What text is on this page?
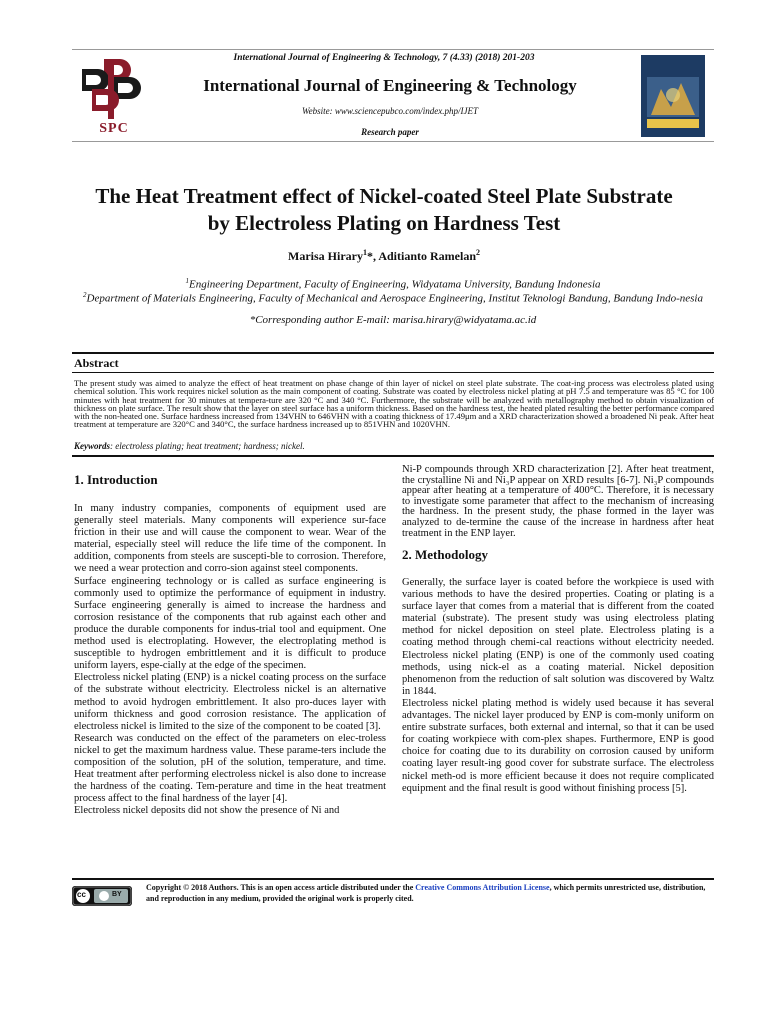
International Journal of Engineering & Technology, 7 (4.33) (2018) 201-203
SPC
International Journal of Engineering & Technology
Website: www.sciencepubco.com/index.php/IJET
Research paper
The Heat Treatment effect of Nickel-coated Steel Plate Substrate by Electroless Plating on Hardness Test
Marisa Hirary$^1$*, Aditianto Ramelan$^2$
$^1$Engineering Department, Faculty of Engineering, Widyatama University, Bandung Indonesia
$^2$Department of Materials Engineering, Faculty of Mechanical and Aerospace Engineering, Institut Teknologi Bandung, Bandung Indo-nesia
*Corresponding author E-mail: marisa.hirary@widyatama.ac.id
Abstract
The present study was aimed to analyze the effect of heat treatment on phase change of thin layer of nickel on steel plate substrate. The coat-ing process was electroless plated using chemical solution. This work requires nickel solution as the main component of coating. Substrate was coated by electroless nickel plating at pH 7.5 and temperature was 85 °C for 100 minutes with heat treatment for 30 minutes at tempera-ture are 320 °C and 340 °C. Furthermore, the substrate will be analyzed with metallography method to obtain visualization of thickness on plate surface. The result show that the layer on steel surface has a uniform thickness. Based on the hardness test, the heated plated resulting the better performance compared with the non-heated one. Surface hardness increased from 134VHN to 646VHN with a coating thickness of 17.49μm and a XRD characterization showed a broadened Ni peak. After heat treatment at temperature are 320°C and 340°C, the surface hardness increased up to 851VHN and 1020VHN.
Keywords: electroless plating; heat treatment; hardness; nickel.
1. Introduction

In many industry companies, components of equipment used are generally steel materials. Many components will experience sur-face friction in their use and will cause the component to wear. Wear of the material, especially steel will reduce the life time of the component. In addition, components from steels are suscepti-ble to corrosion. Therefore, we need a wear protection and corro-sion against steel components.

Surface engineering technology or is called as surface engineering is commonly used to optimize the performance of equipment in industry. Surface engineering generally is aimed to increase the hardness and corrosion resistance of the components that rub against each other and produce the durable components for indus-trial tool and equipment. One method used is electroplating. However, the electroplating method is susceptible to hydrogen embrittlement and it is difficult to produce uniform layers, espe-cially at the edge of the specimen.

Electroless nickel plating (ENP) is a nickel coating process on the surface of the substrate without electricity. Electroless nickel is an alternative method to avoid hydrogen embrittlement. It also pro-duces layer with uniform thickness and good corrosion resistance. The application of electroless nickel is limited to the size of the component to be coated [3].

Research was conducted on the effect of the parameters on elec-troless nickel to get the maximum hardness value. These parame-ters include the composition of the solution, pH of the solution, temperature, and time. Heat treatment after performing electroless nickel is also done to increase the hardness of the coating. Tem-perature and time in the heat treatment process affect to the final hardness of the layer [4].

Electroless nickel deposits did not show the presence of Ni and

Ni-P compounds through XRD characterization [2]. After heat treatment, the crystalline Ni and Ni₃P appear on XRD results [6-7]. Ni₃P compounds appear after heating at a temperature of 400°C. Therefore, it is necessary to investigate some parameter that affect to the mechanism of increasing the hardness. In the present study, the phase formed in the layer was analyzed to de-termine the cause of the increase in hardness after heat treatment in the ENP layer.

2. Methodology

Generally, the surface layer is coated before the workpiece is used with various methods to have the desired properties. Coating or plating is a surface layer that comes from a material that is different from the coated material (substrate). The present study was using electroless plating method for nickel deposition on steel plate. Electroless plating is a coating method through chemi-cal reactions without electricity needed. Electroless nickel plating (ENP) is one of the commonly used coating methods, using nick-el as a coating material. Nickel deposition phenomenon from the reduction of salt solution was discovered by Waltz in 1844.

Electroless nickel plating method is widely used because it has several advantages. The nickel layer produced by ENP is com-monly uniform on entire substrate surfaces, both external and internal, so that it can be used for coating workpiece with com-plex shapes. Furthermore, ENP is good choice for coating due to its durability on corrosion caused by uniform coating layer result-ing good cover for substrate surface. The electroless nickel meth-od is more efficient because it does not require complicated equipment and the final result is good without finishing process [5].

cc	BY
Copyright © 2018 Authors. This is an open access article distributed under the Creative Commons Attribution License, which permits unrestricted use, distribution, and reproduction in any medium, provided the original work is properly cited.
